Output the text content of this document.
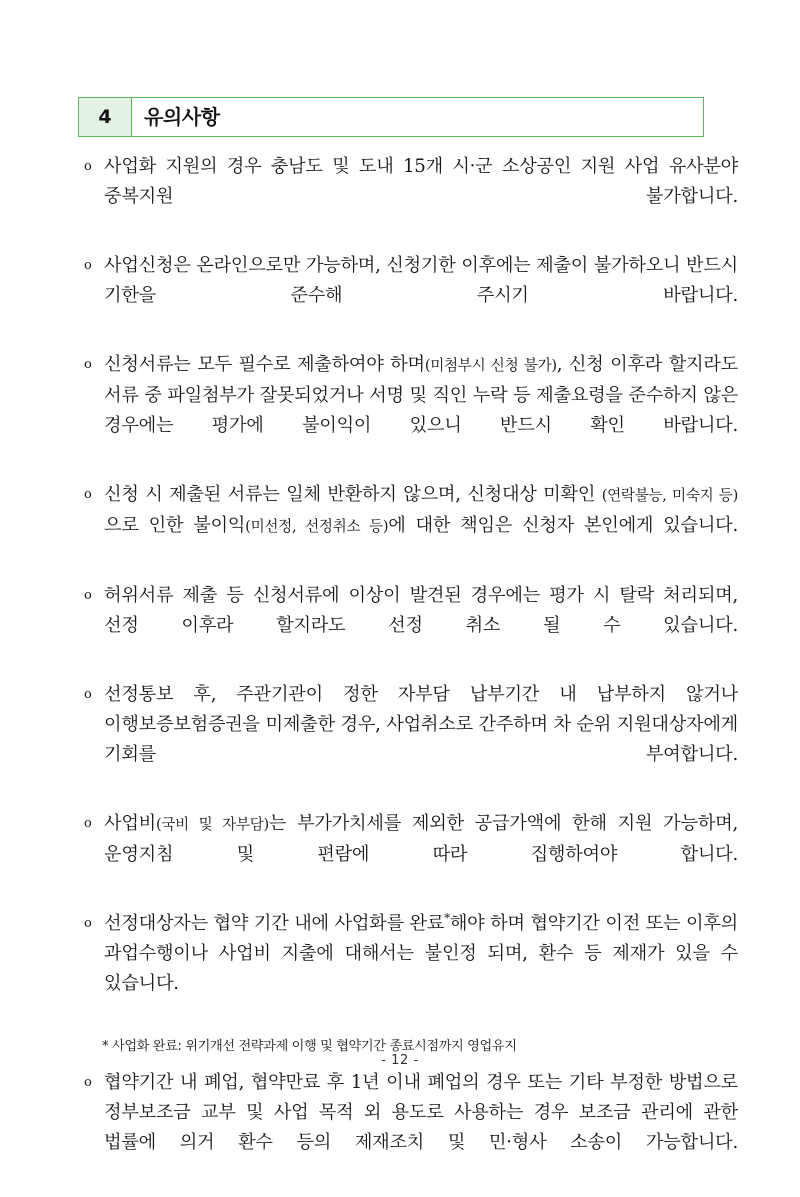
4 유의사항
o 사업화 지원의 경우 충남도 및 도내 15개 시·군 소상공인 지원 사업 유사분야 중복지원 불가합니다.
o 사업신청은 온라인으로만 가능하며, 신청기한 이후에는 제출이 불가하오니 반드시 기한을 준수해 주시기 바랍니다.
o 신청서류는 모두 필수로 제출하여야 하며(미첨부시 신청 불가), 신청 이후라 할지라도 서류 중 파일첨부가 잘못되었거나 서명 및 직인 누락 등 제출요령을 준수하지 않은 경우에는 평가에 불이익이 있으니 반드시 확인 바랍니다.
o 신청 시 제출된 서류는 일체 반환하지 않으며, 신청대상 미확인 (연락불능, 미숙지 등) 으로 인한 불이익(미선정, 선정취소 등)에 대한 책임은 신청자 본인에게 있습니다.
o 허위서류 제출 등 신청서류에 이상이 발견된 경우에는 평가 시 탈락 처리되며, 선정 이후라 할지라도 선정 취소 될 수 있습니다.
o 선정통보 후, 주관기관이 정한 자부담 납부기간 내 납부하지 않거나 이행보증보험증권을 미제출한 경우, 사업취소로 간주하며 차 순위 지원대상자에게 기회를 부여합니다.
o 사업비(국비 및 자부담)는 부가가치세를 제외한 공급가액에 한해 지원 가능하며, 운영지침 및 편람에 따라 집행하여야 합니다.
o 선정대상자는 협약 기간 내에 사업화를 완료*해야 하며 협약기간 이전 또는 이후의 과업수행이나 사업비 지출에 대해서는 불인정 되며, 환수 등 제재가 있을 수 있습니다.
* 사업화 완료: 위기개선 전략과제 이행 및 협약기간 종료시점까지 영업유지
o 협약기간 내 폐업, 협약만료 후 1년 이내 폐업의 경우 또는 기타 부정한 방법으로 정부보조금 교부 및 사업 목적 외 용도로 사용하는 경우 보조금 관리에 관한 법률에 의거 환수 등의 제재조치 및 민·형사 소송이 가능합니다.
- 12 -
